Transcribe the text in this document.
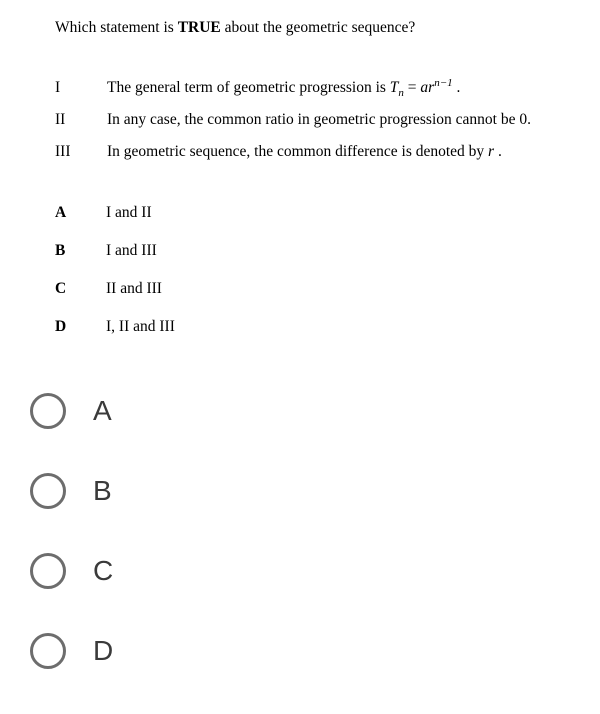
Which statement is TRUE about the geometric sequence?
I	The general term of geometric progression is $T_n = ar^{n-1}$ .
II	In any case, the common ratio in geometric progression cannot be 0.
III	In geometric sequence, the common difference is denoted by r .
A	I and II
B	I and III
C	II and III
D	I, II and III
A
B
C
D
